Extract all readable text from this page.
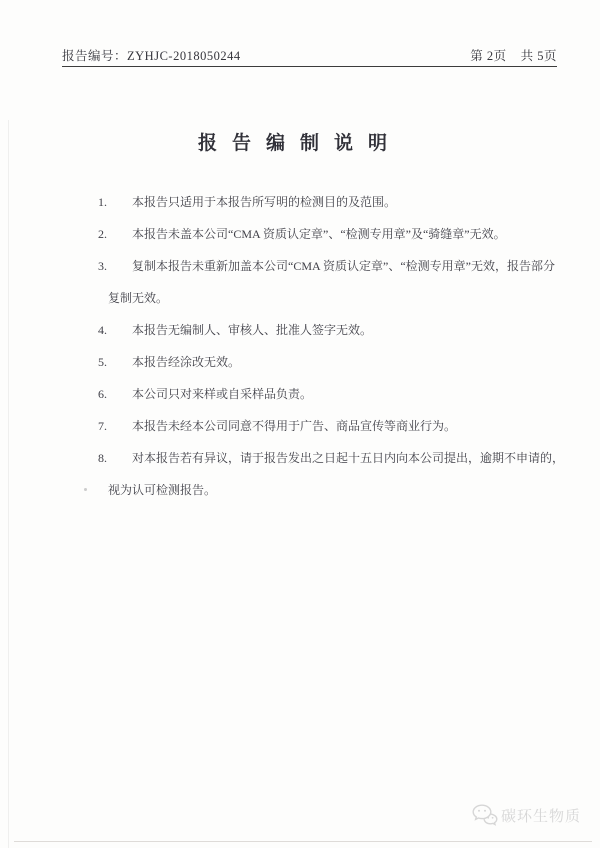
报告编号：ZYHJC-2018050244	第 2页 共 5页
报告编制说明

1. 本报告只适用于本报告所写明的检测目的及范围。

2. 本报告未盖本公司“CMA 资质认定章”、“检测专用章”及“骑缝章”无效。

3. 复制本报告未重新加盖本公司“CMA 资质认定章”、“检测专用章”无效，报告部分复制无效。

4. 本报告无编制人、审核人、批准人签字无效。

5. 本报告经涂改无效。

6. 本公司只对来样或自采样品负责。

7. 本报告未经本公司同意不得用于广告、商品宣传等商业行为。

8. 对本报告若有异议，请于报告发出之日起十五日内向本公司提出，逾期不申请的，视为认可检测报告。

碳环生物质
